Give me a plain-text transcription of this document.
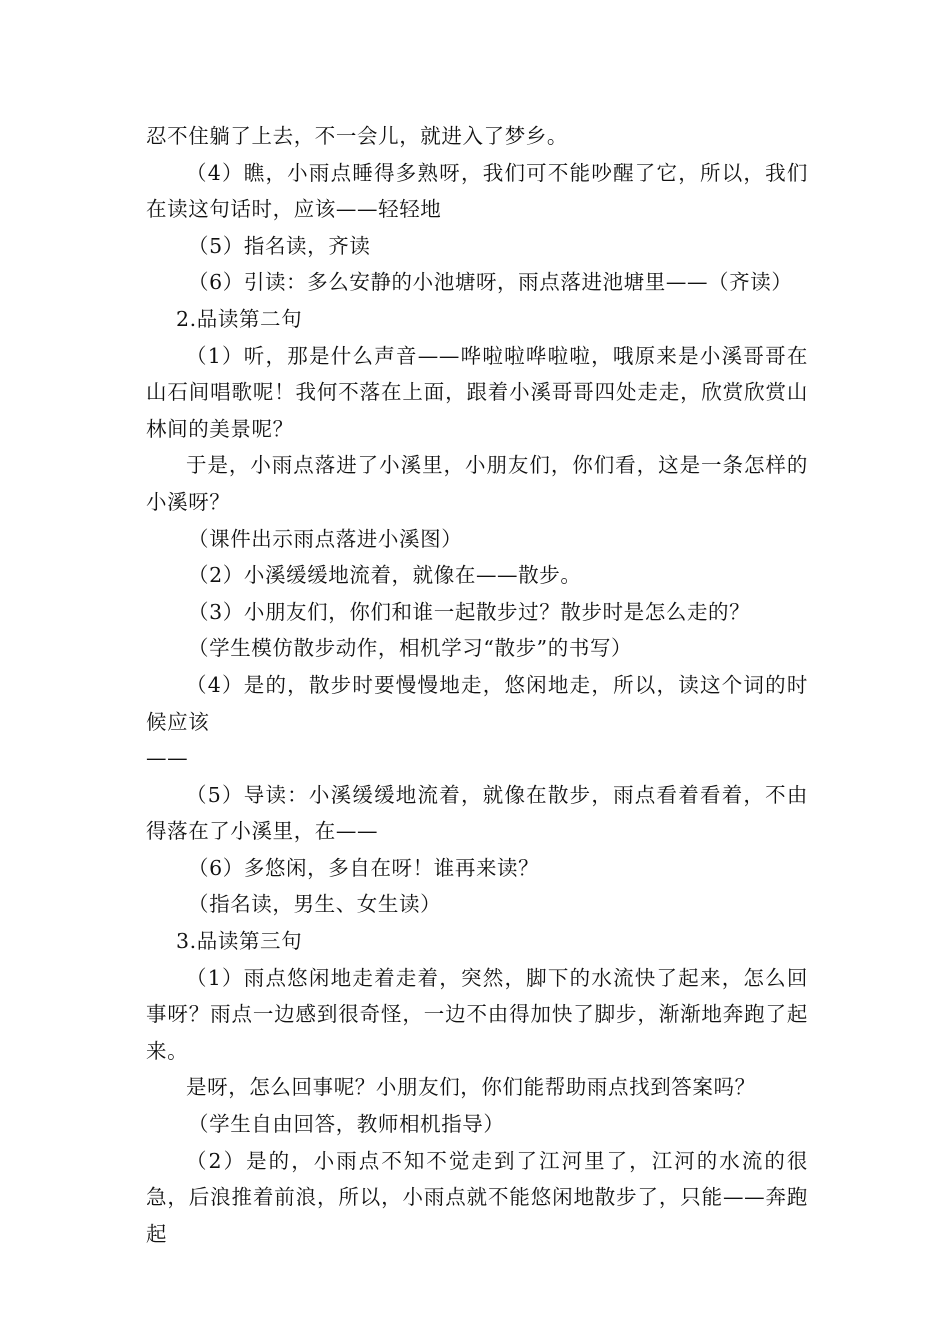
忍不住躺了上去，不一会儿，就进入了梦乡。

（4）瞧，小雨点睡得多熟呀，我们可不能吵醒了它，所以，我们在读这句话时，应该——轻轻地

（5）指名读，齐读

（6）引读：多么安静的小池塘呀，雨点落进池塘里——（齐读）

2.品读第二句

（1）听，那是什么声音——哗啦啦哗啦啦，哦原来是小溪哥哥在山石间唱歌呢！我何不落在上面，跟着小溪哥哥四处走走，欣赏欣赏山林间的美景呢？

于是，小雨点落进了小溪里，小朋友们，你们看，这是一条怎样的小溪呀？

（课件出示雨点落进小溪图）

（2）小溪缓缓地流着，就像在——散步。

（3）小朋友们，你们和谁一起散步过？散步时是怎么走的？

（学生模仿散步动作，相机学习“散步”的书写）

（4）是的，散步时要慢慢地走，悠闲地走，所以，读这个词的时候应该

——

（5）导读：小溪缓缓地流着，就像在散步，雨点看着看着，不由得落在了小溪里，在——

（6）多悠闲，多自在呀！谁再来读？

（指名读，男生、女生读）

3.品读第三句

（1）雨点悠闲地走着走着，突然，脚下的水流快了起来，怎么回事呀？雨点一边感到很奇怪，一边不由得加快了脚步，渐渐地奔跑了起来。

是呀，怎么回事呢？小朋友们，你们能帮助雨点找到答案吗？

（学生自由回答，教师相机指导）

（2）是的，小雨点不知不觉走到了江河里了，江河的水流的很急，后浪推着前浪，所以，小雨点就不能悠闲地散步了，只能——奔跑起
